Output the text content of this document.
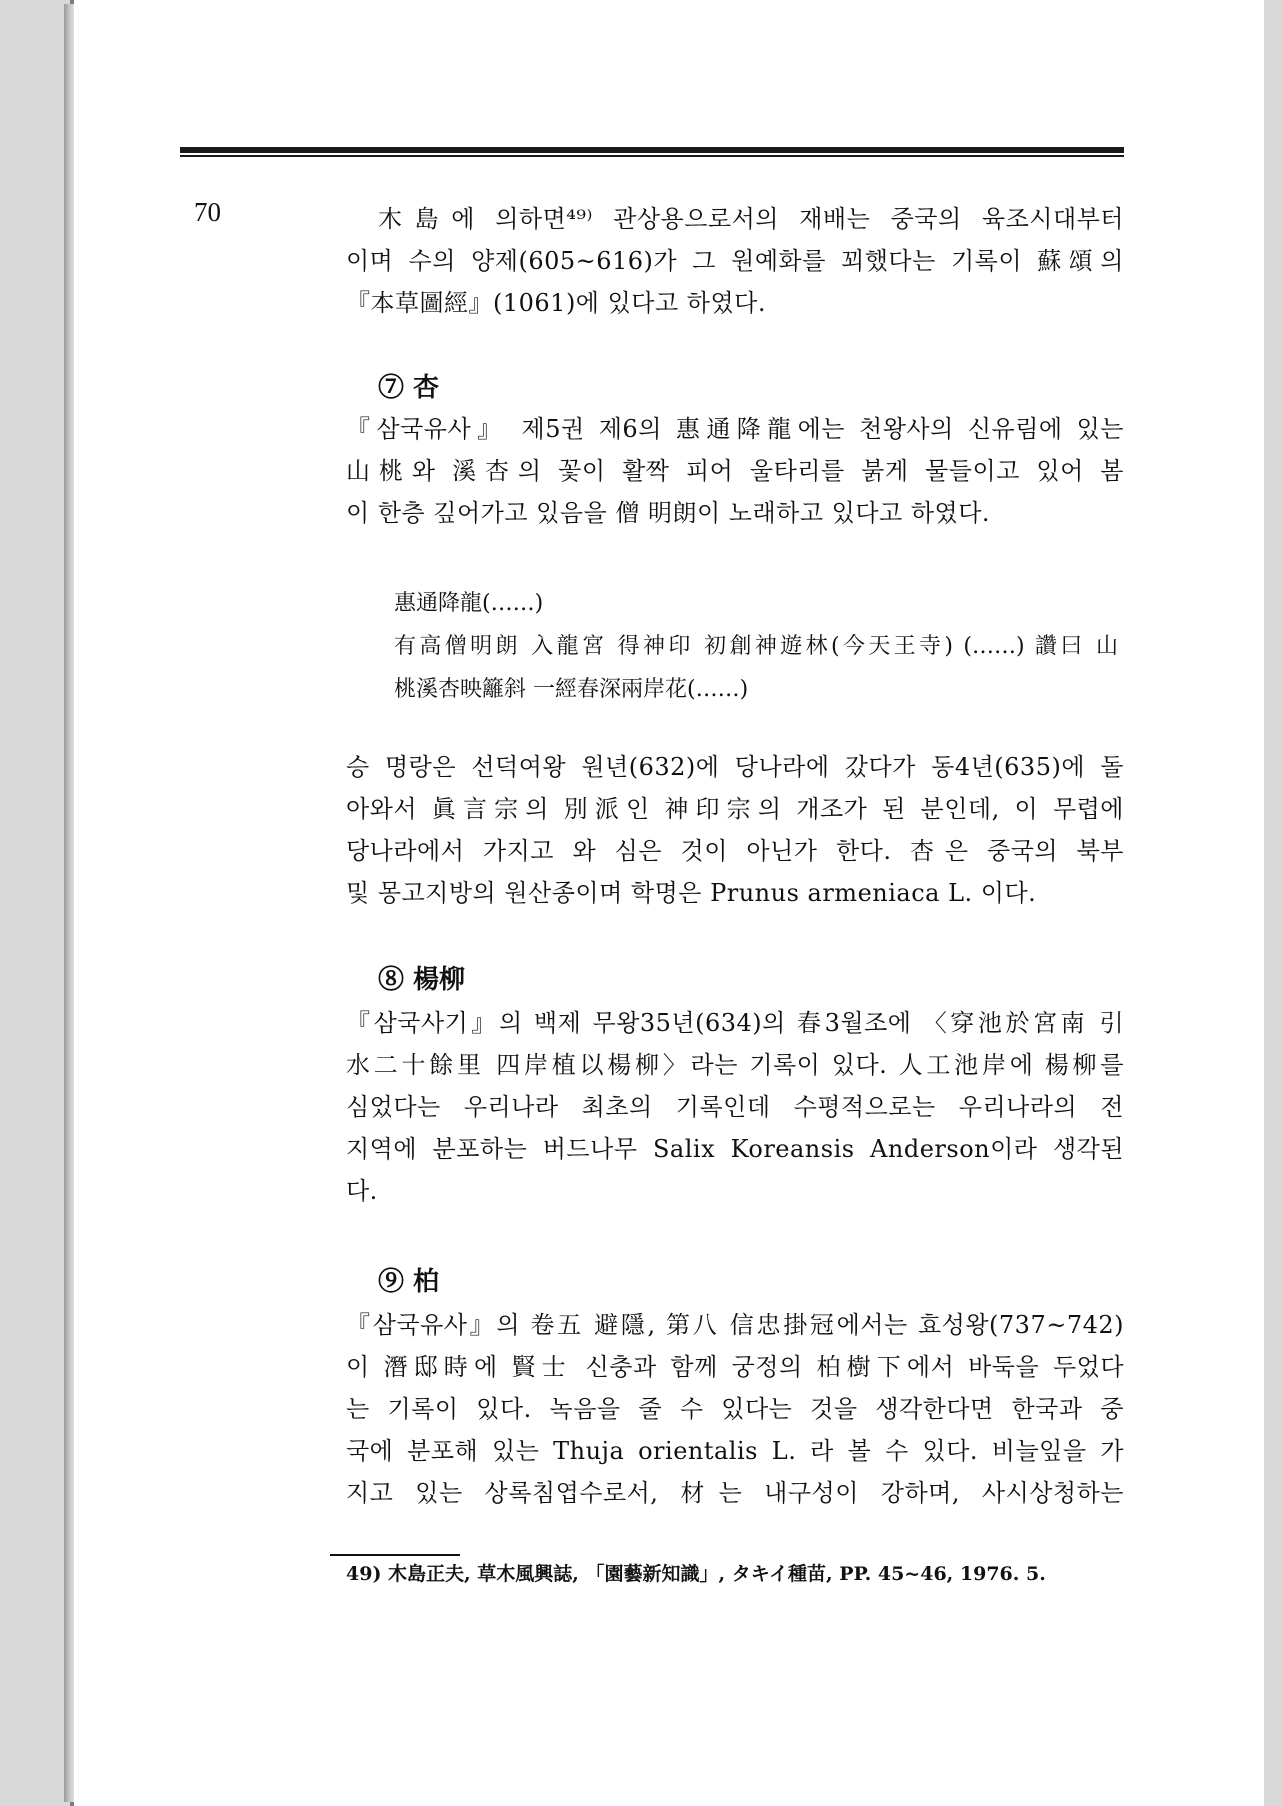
70	木島에 의하면⁴⁹⁾ 관상용으로서의 재배는 중국의 육조시대부터
이며 수의 양제(605~616)가 그 원예화를 꾀했다는 기록이 蘇頌의
『本草圖經』(1061)에 있다고 하였다.
⑦ 杏
『삼국유사』 제5권 제6의 惠通降龍에는 천왕사의 신유림에 있는
山桃와 溪杏의 꽃이 활짝 피어 울타리를 붉게 물들이고 있어 봄
이 한층 깊어가고 있음을 僧 明朗이 노래하고 있다고 하였다.
惠通降龍(……)
有高僧明朗 入龍宮 得神印 初創神遊林(今天王寺) (……) 讚曰 山
桃溪杏映籬斜 一經春深兩岸花(……)
승 명랑은 선덕여왕 원년(632)에 당나라에 갔다가 동4년(635)에 돌
아와서 眞言宗의 別派인 神印宗의 개조가 된 분인데, 이 무렵에
당나라에서 가지고 와 심은 것이 아닌가 한다. 杏은 중국의 북부
및 몽고지방의 원산종이며 학명은 Prunus armeniaca L. 이다.
⑧ 楊柳
『삼국사기』의 백제 무왕35년(634)의 春3월조에 〈穿池於宮南 引
水二十餘里 四岸植以楊柳〉라는 기록이 있다. 人工池岸에 楊柳를
심었다는 우리나라 최초의 기록인데 수평적으로는 우리나라의 전
지역에 분포하는 버드나무 Salix Koreansis Anderson이라 생각된
다.
⑨ 柏
『삼국유사』의 卷五 避隱, 第八 信忠掛冠에서는 효성왕(737~742)
이 潛邸時에 賢士 신충과 함께 궁정의 柏樹下에서 바둑을 두었다
는 기록이 있다. 녹음을 줄 수 있다는 것을 생각한다면 한국과 중
국에 분포해 있는 Thuja orientalis L. 라 볼 수 있다. 비늘잎을 가
지고 있는 상록침엽수로서, 材는 내구성이 강하며, 사시상청하는
49) 木島正夫, 草木風興誌, 「園藝新知識」, タキイ種苗, PP. 45~46, 1976. 5.
